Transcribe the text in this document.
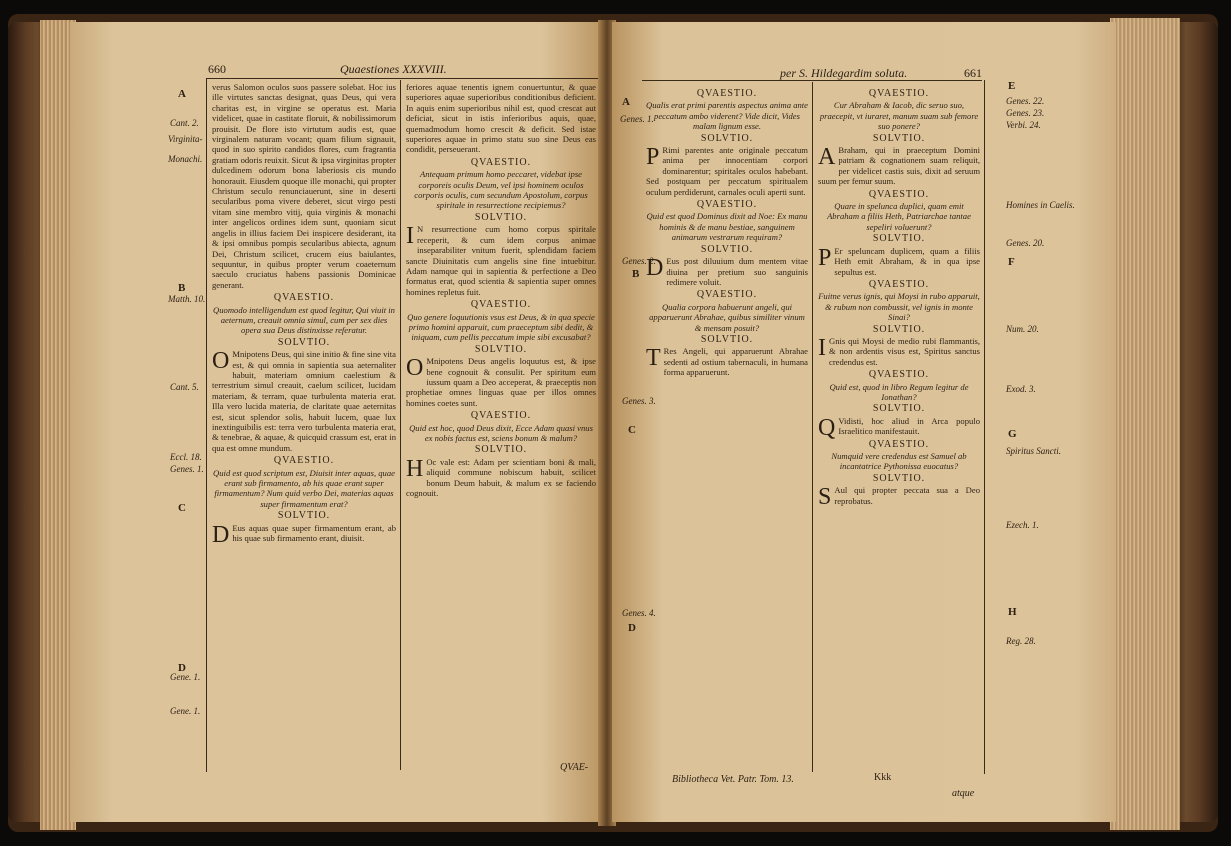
660	Quaestiones XXXVIII.
A
B
C
D
Cant. 2.
Virginita-
Monachi.
Matth. 10.
Cant. 5.
Eccl. 18.
Genes. 1.
Gene. 1.
Gene. 1.
verus Salomon oculos suos passere solebat. Hoc ius ille virtutes sanctas designat, quas Deus, qui vera charitas est, in virgine se operatus est. Maria videlicet, quae in castitate floruit, & nobilissimorum prouisit. De flore isto virtutum audis est, quae virginalem naturam vocant; quam filium signauit, quod in suo spirito candidos flores, cum fragrantia gratiam odoris reuixit. Sicut & ipsa virginitas propter dulcedinem odorum bona laberiosis cis mundo honorauit. Eiusdem quoque ille monachi, qui propter Christum seculo renunciauerunt, sine in deserti secularibus poma vivere deberet, sicut virgo pesti vitam sine membro vitij, quia virginis & monachi inter angelicos ordines idem sunt, quoniam sicut angelis in illius faciem Dei inspicere desiderant, ita & ipsi omnibus pompis secularibus abiecta, agnum Dei, Christum scilicet, crucem eius baiulantes, sequuntur, in quibus propter verum coaeternum saeculo cruciatus habens passionis Dominicae generant.
QVAESTIO.
Quomodo intelligendum est quod legitur, Qui viuit in aeternum, creauit omnia simul, cum per sex dies opera sua Deus distinxisse referatur.
SOLVTIO.
O Mnipotens Deus, qui sine initio & fine sine vita est, & qui omnia in sapientia sua aeternaliter habuit, materiam omnium caelestium & terrestrium simul creauit, caelum scilicet, lucidam materiam, & terram, quae turbulenta materia erat. Illa vero lucida materia, de claritate quae aeternitas est, sicut splendor solis, habuit lucem, quae lux inextinguibilis est: terra vero turbulenta materia erat, & tenebrae, & aquae, & quicquid crassum est, erat in qua est omne mundum.
QVAESTIO.
Quid est quod scriptum est, Diuisit inter aquas, quae erant sub firmamento, ab his quae erant super firmamentum? Num quid verbo Dei, materias aquas super firmamentum erat?
SOLVTIO.
D Eus aquas quae super firmamentum erant, ab his quae sub firmamento erant, diuisit.
feriores aquae tenentis ignem conuertuntur, & quae superiores aquae superioribus conditionibus deficient. In aquis enim superioribus nihil est, quod crescat aut deficiat, sicut in istis inferioribus aquis, quae, quemadmodum homo crescit & deficit. Sed istae superiores aquae in primo statu suo sine Deus eas condidit, perseuerant.
QVAESTIO.
Antequam primum homo peccaret, videbat ipse corporeis oculis Deum, vel ipsi hominem oculos corporis oculis, cum secundum Apostolum, corpus spiritale in resurrectione recipiemus?
SOLVTIO.
I N resurrectione cum homo corpus spiritale receperit, & cum idem corpus animae inseparabiliter vnitum fuerit, splendidam faciem sancte Diuinitatis cum angelis sine fine intuebitur. Adam namque qui in sapientia & perfectione a Deo formatus erat, quod scientia & sapientia super omnes homines repletus fuit.
QVAESTIO.
Quo genere loquutionis vsus est Deus, & in qua specie primo homini apparuit, cum praeceptum sibi dedit, & iniquam, cum pellis peccatum impie sibi excusabat?
SOLVTIO.
O Mnipotens Deus angelis loquutus est, & ipse bene cognouit & consulit. Per spiritum eum iussum quam a Deo acceperat, & praeceptis non prophetiae omnes linguas quae per illos omnes homines coetes sunt.
QVAESTIO.
Quid est hoc, quod Deus dixit, Ecce Adam quasi vnus ex nobis factus est, sciens bonum & malum?
SOLVTIO.
H Oc vale est: Adam per scientiam boni & mali, aliquid commune nobiscum habuit, scilicet bonum Deum habuit, & malum ex se faciendo cognouit.
QVAE-
per S. Hildegardim soluta.	661
A
B
C
D
Genes. 1.
Genes. 2.
Genes. 3.
Genes. 4.
QVAESTIO.
Qualis erat primi parentis aspectus anima ante peccatum ambo viderent? Vide dicit, Vides malam lignum esse.
SOLVTIO.
P Rimi parentes ante originale peccatum anima per innocentiam corpori dominarentur; spiritales oculos habebant. Sed postquam per peccatum spiritualem oculum perdiderunt, carnales oculi aperti sunt.
QVAESTIO.
Quid est quod Dominus dixit ad Noe: Ex manu hominis & de manu bestiae, sanguinem animarum vestrarum requiram?
SOLVTIO.
D Eus post diluuium dum mentem vitae diuina per pretium suo sanguinis redimere voluit.
QVAESTIO.
Qualia corpora habuerunt angeli, qui apparuerunt Abrahae, quibus similiter vinum & mensam posuit?
SOLVTIO.
T Res Angeli, qui apparuerunt Abrahae sedenti ad ostium tabernaculi, in humana forma apparuerunt.
QVAESTIO.
Cur Abraham & Iacob, dic seruo suo, praecepit, vt iuraret, manum suam sub femore suo ponere?
SOLVTIO.
A Braham, qui in praeceptum Domini patriam & cognationem suam reliquit, per videlicet castis suis, dixit ad seruum suum per femur suum.
QVAESTIO.
Quare in spelunca duplici, quam emit Abraham a filiis Heth, Patriarchae tantae sepeliri voluerunt?
SOLVTIO.
P Er speluncam duplicem, quam a filiis Heth emit Abraham, & in qua ipse sepultus est.
QVAESTIO.
Fuitne verus ignis, qui Moysi in rubo apparuit, & rubum non combussit, vel ignis in monte Sinai?
SOLVTIO.
I Gnis qui Moysi de medio rubi flammantis, & non ardentis visus est, Spiritus sanctus credendus est.
QVAESTIO.
Quid est, quod in libro Regum legitur de Ionathan?
SOLVTIO.
Q Vidisti, hoc aliud in Arca populo Israelitico manifestauit.
QVAESTIO.
Numquid vere credendus est Samuel ab incantatrice Pythonissa euocatus?
SOLVTIO.
S Aul qui propter peccata sua a Deo reprobatus.
E
F
G
H
Genes. 22.
Genes. 23.
Verbi. 24.
Homines in Caelis.
Genes. 20.
Num. 20.
Exod. 3.
Spiritus Sancti.
Ezech. 1.
Reg. 28.
Bibliotheca Vet. Patr. Tom. 13.	Kkk
atque
